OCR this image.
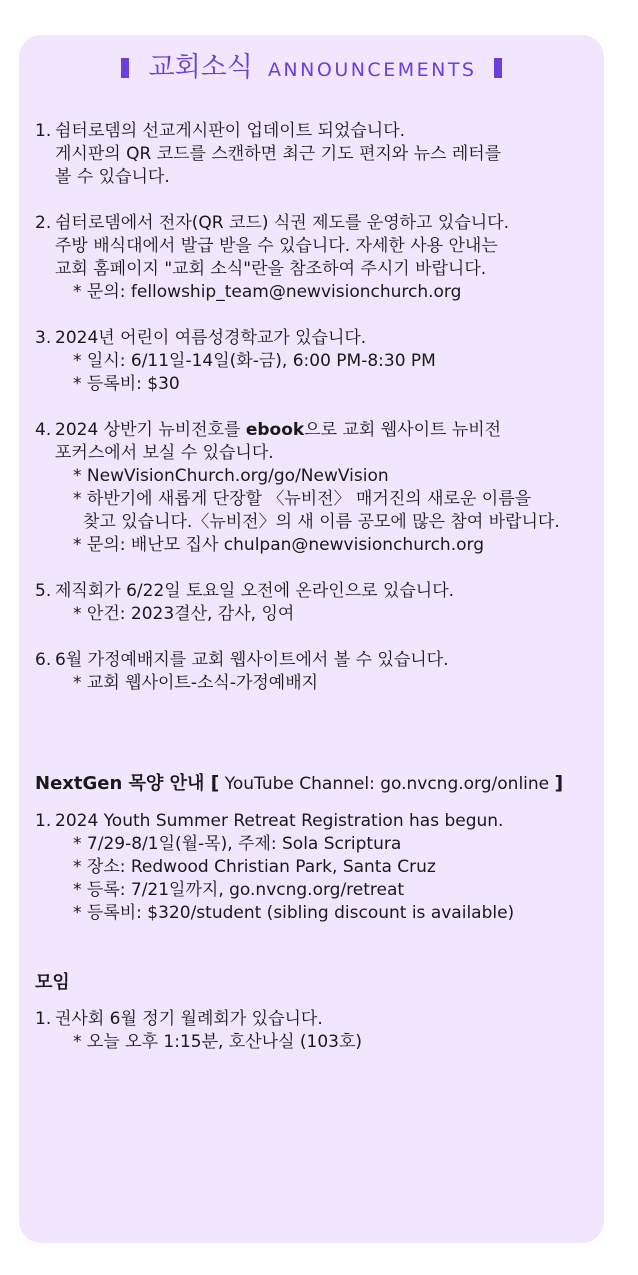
교회소식 ANNOUNCEMENTS
1. 쉼터로뎀의 선교게시판이 업데이트 되었습니다.
게시판의 QR 코드를 스캔하면 최근 기도 편지와 뉴스 레터를
볼 수 있습니다.
2. 쉼터로뎀에서 전자(QR 코드) 식권 제도를 운영하고 있습니다.
주방 배식대에서 발급 받을 수 있습니다. 자세한 사용 안내는
교회 홈페이지 "교회 소식"란을 참조하여 주시기 바랍니다.
* 문의: fellowship_team@newvisionchurch.org
3. 2024년 어린이 여름성경학교가 있습니다.
* 일시: 6/11일-14일(화-금), 6:00 PM-8:30 PM
* 등록비: $30
4. 2024 상반기 뉴비전호를 ebook으로 교회 웹사이트 뉴비전
포커스에서 보실 수 있습니다.
* NewVisionChurch.org/go/NewVision
* 하반기에 새롭게 단장할 〈뉴비전〉 매거진의 새로운 이름을
찾고 있습니다.〈뉴비전〉의 새 이름 공모에 많은 참여 바랍니다.
* 문의: 배난모 집사 chulpan@newvisionchurch.org
5. 제직회가 6/22일 토요일 오전에 온라인으로 있습니다.
* 안건: 2023결산, 감사, 잉여
6. 6월 가정예배지를 교회 웹사이트에서 볼 수 있습니다.
* 교회 웹사이트-소식-가정예배지
NextGen 목양 안내 [ YouTube Channel: go.nvcng.org/online ]
1. 2024 Youth Summer Retreat Registration has begun.
* 7/29-8/1일(월-목), 주제: Sola Scriptura
* 장소: Redwood Christian Park, Santa Cruz
* 등록: 7/21일까지, go.nvcng.org/retreat
* 등록비: $320/student (sibling discount is available)
모임
1. 권사회 6월 정기 월례회가 있습니다.
* 오늘 오후 1:15분, 호산나실 (103호)
